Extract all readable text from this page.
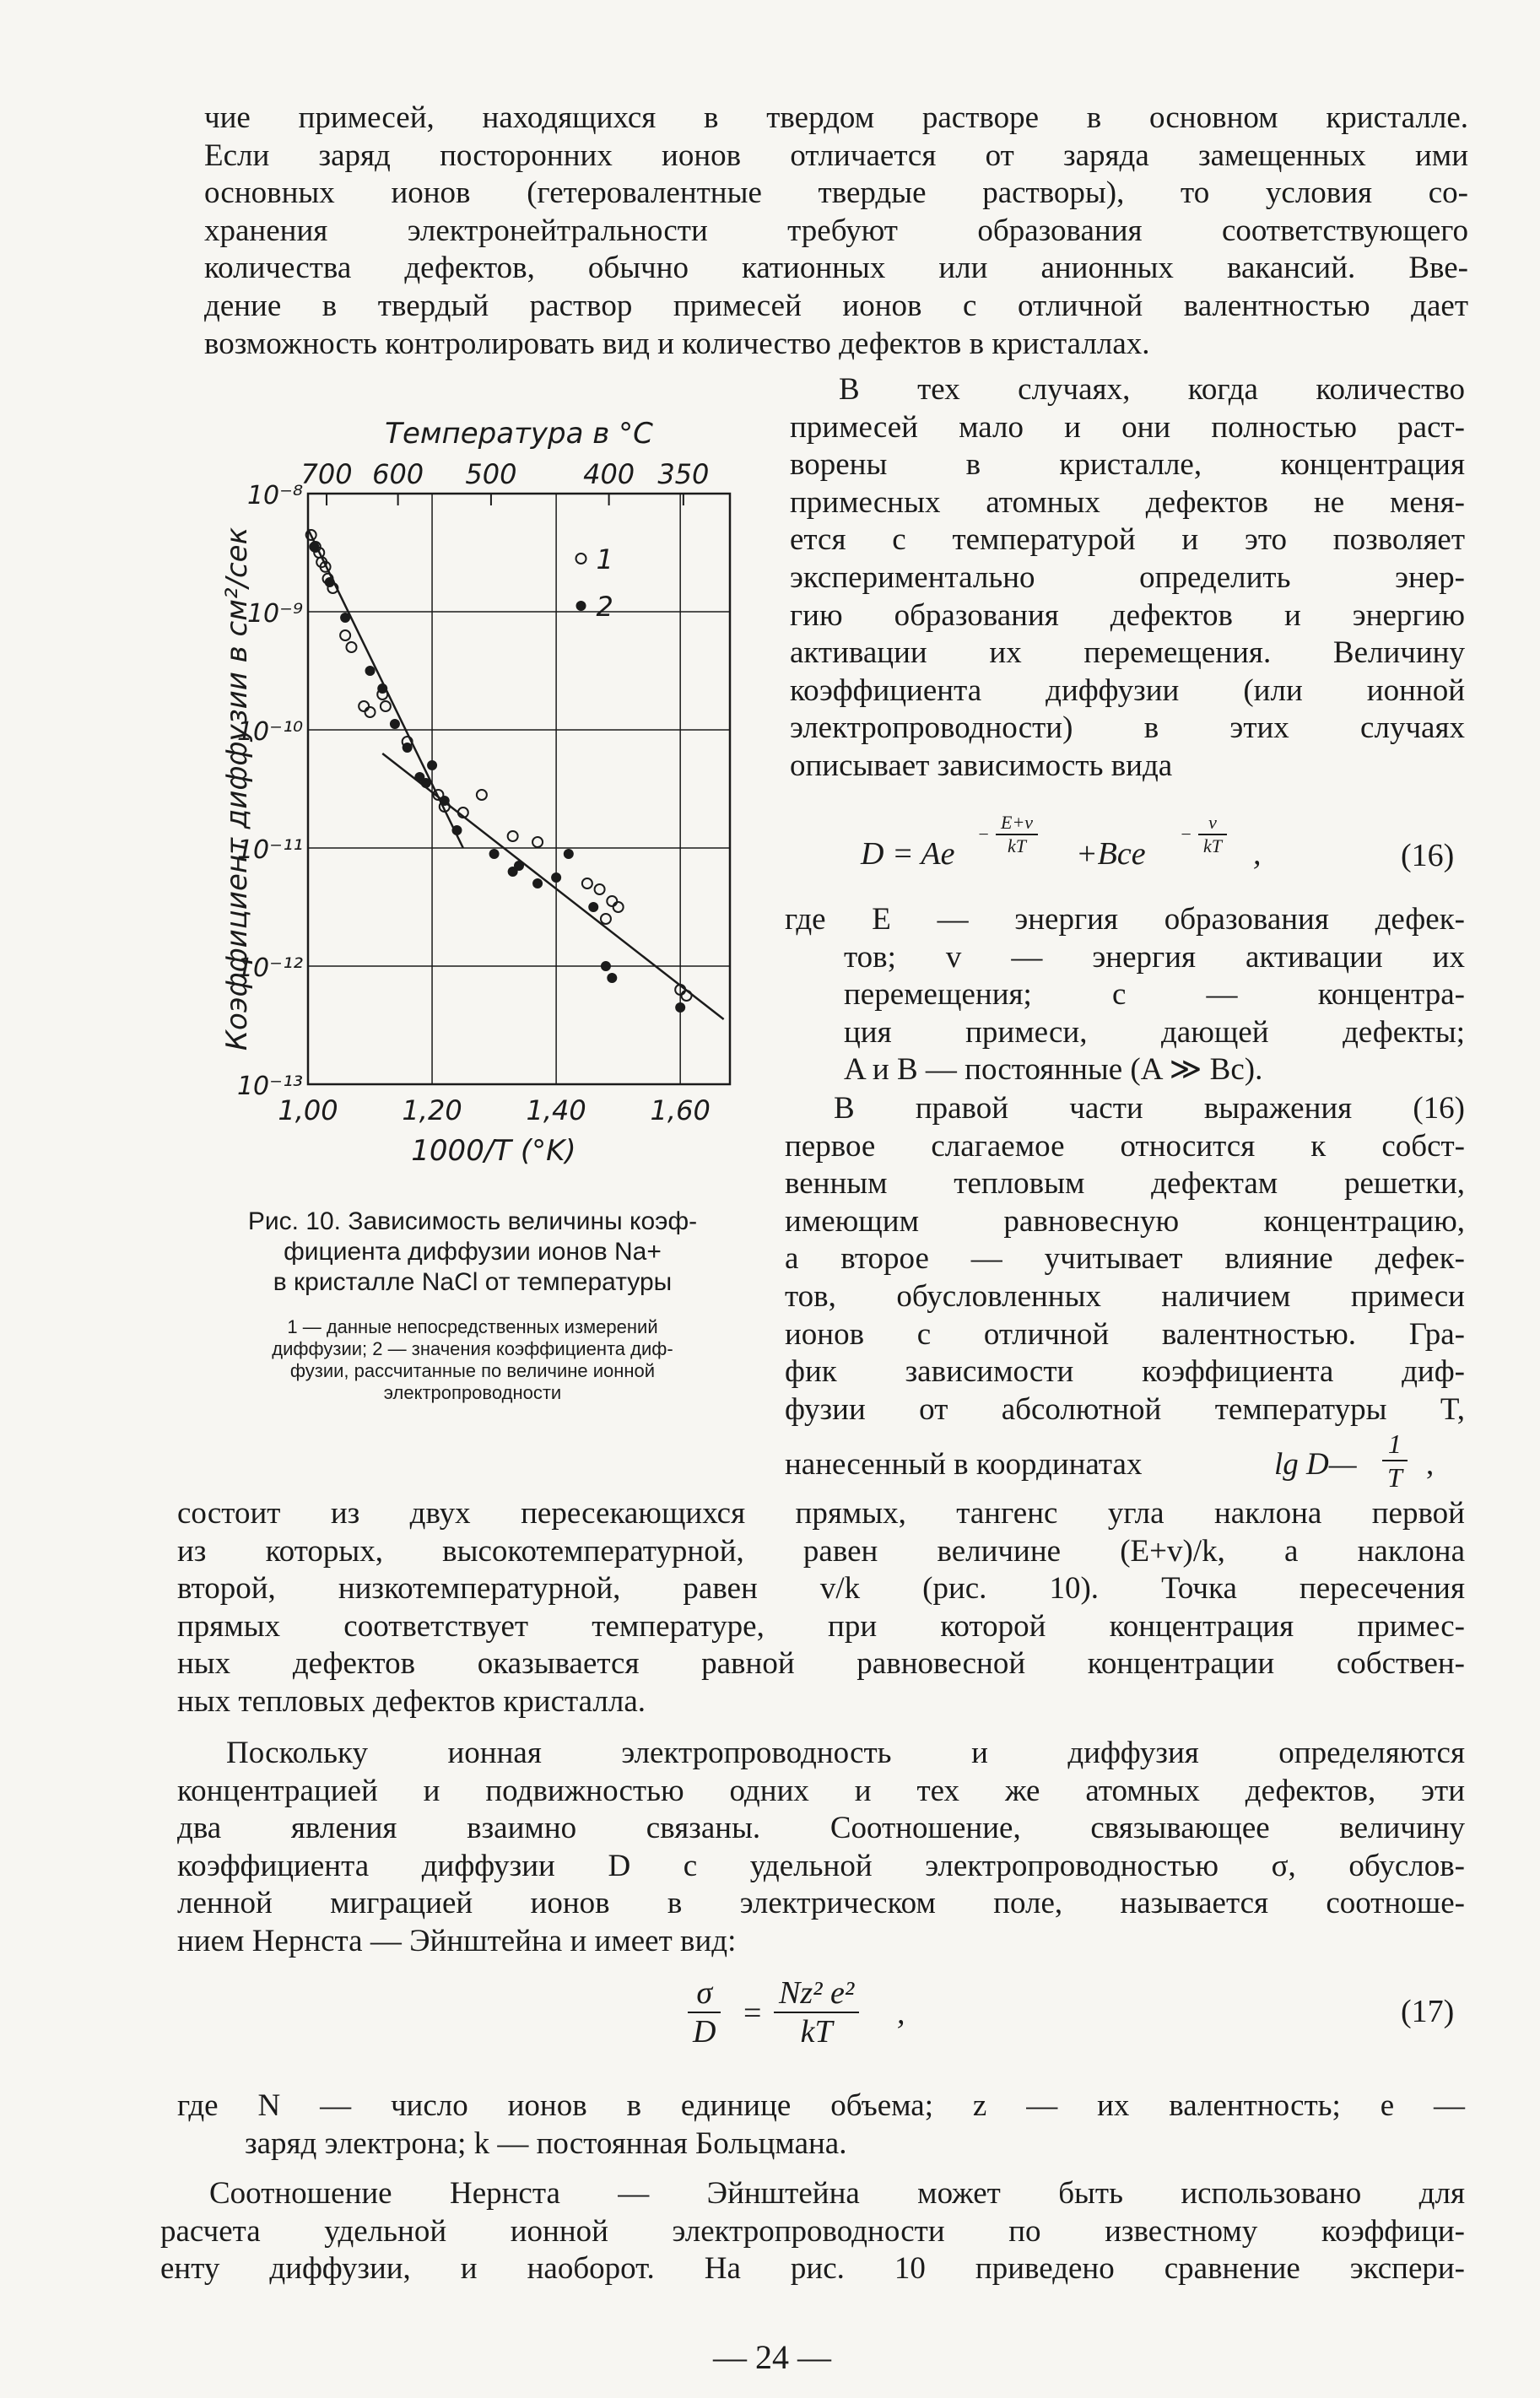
чие примесей, находящихся в твердом растворе в основном кристалле.
Если заряд посторонних ионов отличается от заряда замещенных ими
основных ионов (гетеровалентные твердые растворы), то условия со-
хранения электронейтральности требуют образования соответствующего
количества дефектов, обычно катионных или анионных вакансий. Вве-
дение в твердый раствор примесей ионов с отличной валентностью дает
возможность контролировать вид и количество дефектов в кристаллах.
700 600 500 400 350
Температура в °С
1,00 1,20 1,40 1,60
1000/T (°K)
10⁻⁸
10⁻⁹
10⁻¹⁰
10⁻¹¹
10⁻¹²
10⁻¹³
Коэффициент диффузии в см²/сек	1
2
Рис. 10. Зависимость величины коэф-
фициента диффузии ионов Na+
в кристалле NaCl от температуры
1 — данные непосредственных измерений
диффузии; 2 — значения коэффициента диф-
фузии, рассчитанные по величине ионной
электропроводности
В тех случаях, когда количество
примесей мало и они полностью раст-
ворены в кристалле, концентрация
примесных атомных дефектов не меня-
ется с температурой и это позволяет
экспериментально определить энер-
гию образования дефектов и энергию
активации их перемещения. Величину
коэффициента диффузии (или ионной
электропроводности) в этих случаях
описывает зависимость вида
D = Ae
− $\frac{E+v}{kT} +Bce$
− $\frac{v}{kT}$ ,	(16)
где E — энергия образования дефек-
тов; v — энергия активации их
перемещения; c — концентра-
ция примеси, дающей дефекты;
A и B — постоянные (A ≫ Bc).
В правой части выражения (16)
первое слагаемое относится к собст-
венным тепловым дефектам решетки,
имеющим равновесную концентрацию,
а второе — учитывает влияние дефек-
тов, обусловленных наличием примеси
ионов с отличной валентностью. Гра-
фик зависимости коэффициента диф-
фузии от абсолютной температуры T,
нанесенный в координатах	lg D— $\frac{1}{T}$ ,
состоит из двух пересекающихся прямых, тангенс угла наклона первой
из которых, высокотемпературной, равен величине (E+v)/k, а наклона
второй, низкотемпературной, равен v/k (рис. 10). Точка пересечения
прямых соответствует температуре, при которой концентрация примес-
ных дефектов оказывается равной равновесной концентрации собствен-
ных тепловых дефектов кристалла.
Поскольку ионная электропроводность и диффузия определяются
концентрацией и подвижностью одних и тех же атомных дефектов, эти
два явления взаимно связаны. Соотношение, связывающее величину
коэффициента диффузии D с удельной электропроводностью σ, обуслов-
ленной миграцией ионов в электрическом поле, называется соотноше-
нием Нернста — Эйнштейна и имеет вид:
$\frac{\sigma}{D} = \frac{\text{Nz² e²}}{kT}$ ,	(17)
где N — число ионов в единице объема; z — их валентность; e —
заряд электрона; k — постоянная Больцмана.
Соотношение Нернста — Эйнштейна может быть использовано для
расчета удельной ионной электропроводности по известному коэффици-
енту диффузии, и наоборот. На рис. 10 приведено сравнение экспери-
— 24 —
